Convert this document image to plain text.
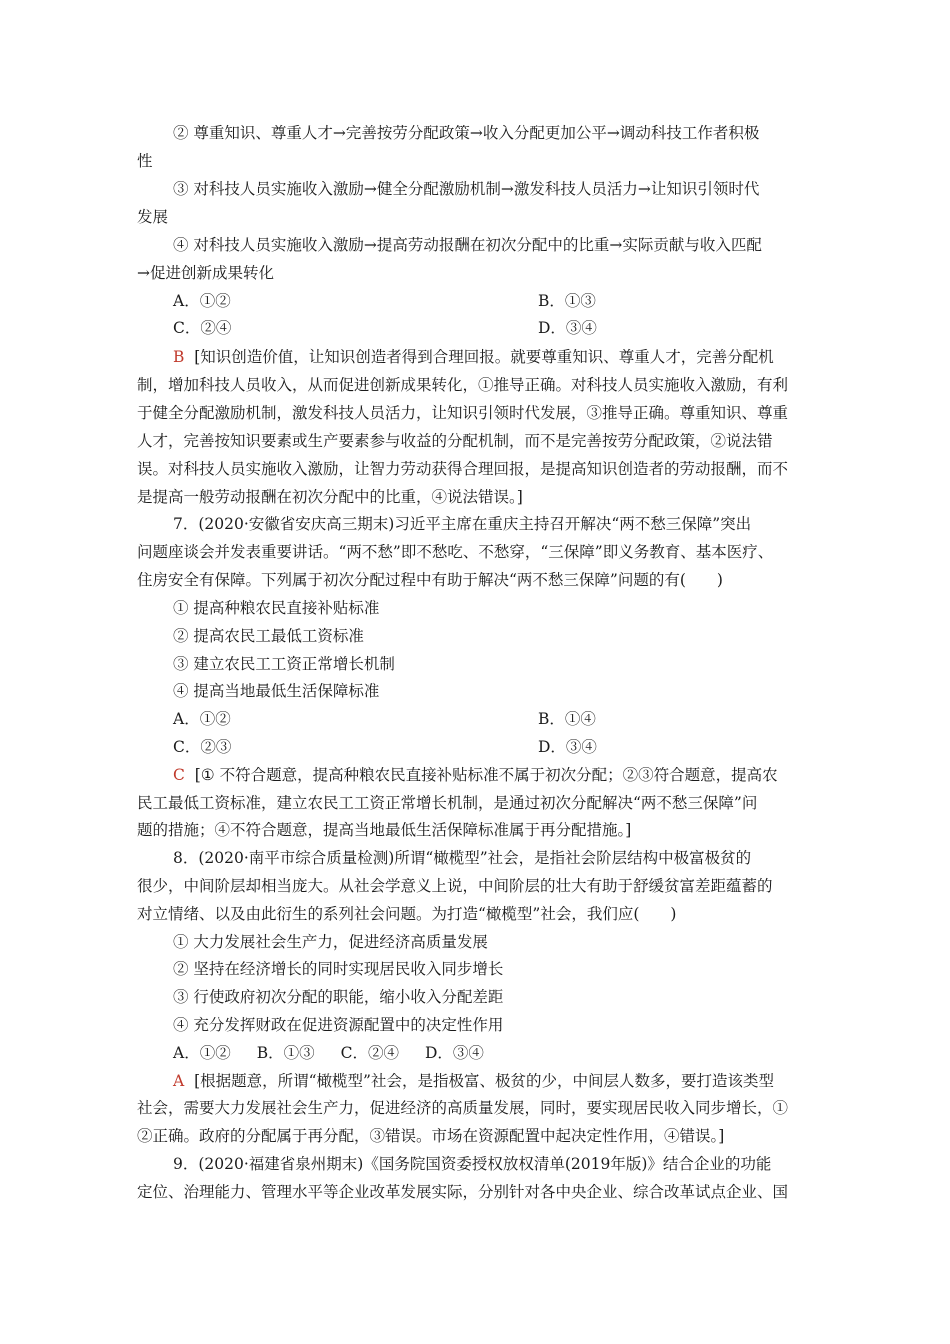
② 尊重知识、尊重人才→完善按劳分配政策→收入分配更加公平→调动科技工作者积极
性
③ 对科技人员实施收入激励→健全分配激励机制→激发科技人员活力→让知识引领时代
发展
④ 对科技人员实施收入激励→提高劳动报酬在初次分配中的比重→实际贡献与收入匹配
→促进创新成果转化
A．①②	B．①③
C．②④	D．③④
B [知识创造价值，让知识创造者得到合理回报。就要尊重知识、尊重人才，完善分配机
制，增加科技人员收入，从而促进创新成果转化，①推导正确。对科技人员实施收入激励，有利
于健全分配激励机制，激发科技人员活力，让知识引领时代发展，③推导正确。尊重知识、尊重
人才，完善按知识要素或生产要素参与收益的分配机制，而不是完善按劳分配政策，②说法错
误。对科技人员实施收入激励，让智力劳动获得合理回报，是提高知识创造者的劳动报酬，而不
是提高一般劳动报酬在初次分配中的比重，④说法错误。]
7．(2020·安徽省安庆高三期末)习近平主席在重庆主持召开解决“两不愁三保障”突出
问题座谈会并发表重要讲话。“两不愁”即不愁吃、不愁穿，“三保障”即义务教育、基本医疗、
住房安全有保障。下列属于初次分配过程中有助于解决“两不愁三保障”问题的有(　　)
① 提高种粮农民直接补贴标准
② 提高农民工最低工资标准
③ 建立农民工工资正常增长机制
④ 提高当地最低生活保障标准
A．①②	B．①④
C．②③	D．③④
C [① 不符合题意，提高种粮农民直接补贴标准不属于初次分配；②③符合题意，提高农
民工最低工资标准，建立农民工工资正常增长机制，是通过初次分配解决“两不愁三保障”问
题的措施；④不符合题意，提高当地最低生活保障标准属于再分配措施。]
8．(2020·南平市综合质量检测)所谓“橄榄型”社会，是指社会阶层结构中极富极贫的
很少，中间阶层却相当庞大。从社会学意义上说，中间阶层的壮大有助于舒缓贫富差距蕴蓄的
对立情绪、以及由此衍生的系列社会问题。为打造“橄榄型”社会，我们应(　　)
① 大力发展社会生产力，促进经济高质量发展
② 坚持在经济增长的同时实现居民收入同步增长
③ 行使政府初次分配的职能，缩小收入分配差距
④ 充分发挥财政在促进资源配置中的决定性作用
A．①② B．①③ C．②④ D．③④
A [根据题意，所谓“橄榄型”社会，是指极富、极贫的少，中间层人数多，要打造该类型
社会，需要大力发展社会生产力，促进经济的高质量发展，同时，要实现居民收入同步增长，①
②正确。政府的分配属于再分配，③错误。市场在资源配置中起决定性作用，④错误。]
9．(2020·福建省泉州期末)《国务院国资委授权放权清单(2019年版)》结合企业的功能
定位、治理能力、管理水平等企业改革发展实际，分别针对各中央企业、综合改革试点企业、国
